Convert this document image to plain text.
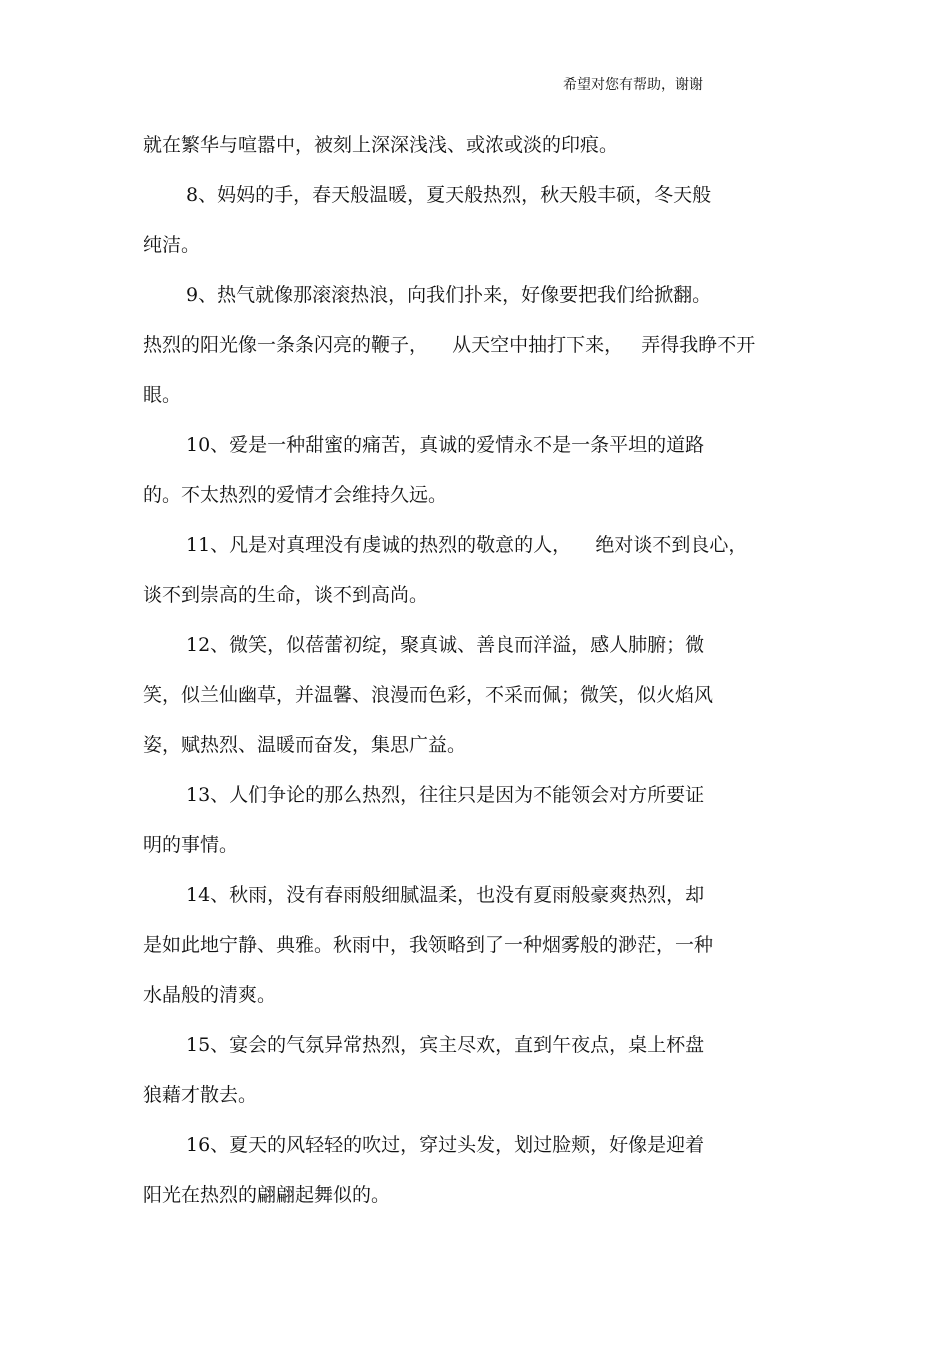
希望对您有帮助，谢谢
就在繁华与喧嚣中，被刻上深深浅浅、或浓或淡的印痕。
8、妈妈的手，春天般温暖，夏天般热烈，秋天般丰硕，冬天般
纯洁。
9、热气就像那滚滚热浪，向我们扑来，好像要把我们给掀翻。
热烈的阳光像一条条闪亮的鞭子，    从天空中抽打下来，   弄得我睁不开
眼。
10、爱是一种甜蜜的痛苦，真诚的爱情永不是一条平坦的道路
的。不太热烈的爱情才会维持久远。
11、凡是对真理没有虔诚的热烈的敬意的人，    绝对谈不到良心，
谈不到崇高的生命，谈不到高尚。
12、微笑，似蓓蕾初绽，聚真诚、善良而洋溢，感人肺腑；微
笑，似兰仙幽草，并温馨、浪漫而色彩，不采而佩；微笑，似火焰风
姿，赋热烈、温暖而奋发，集思广益。
13、人们争论的那么热烈，往往只是因为不能领会对方所要证
明的事情。
14、秋雨，没有春雨般细腻温柔，也没有夏雨般豪爽热烈，却
是如此地宁静、典雅。秋雨中，我领略到了一种烟雾般的渺茫，一种
水晶般的清爽。
15、宴会的气氛异常热烈，宾主尽欢，直到午夜点，桌上杯盘
狼藉才散去。
16、夏天的风轻轻的吹过，穿过头发，划过脸颊，好像是迎着
阳光在热烈的翩翩起舞似的。
